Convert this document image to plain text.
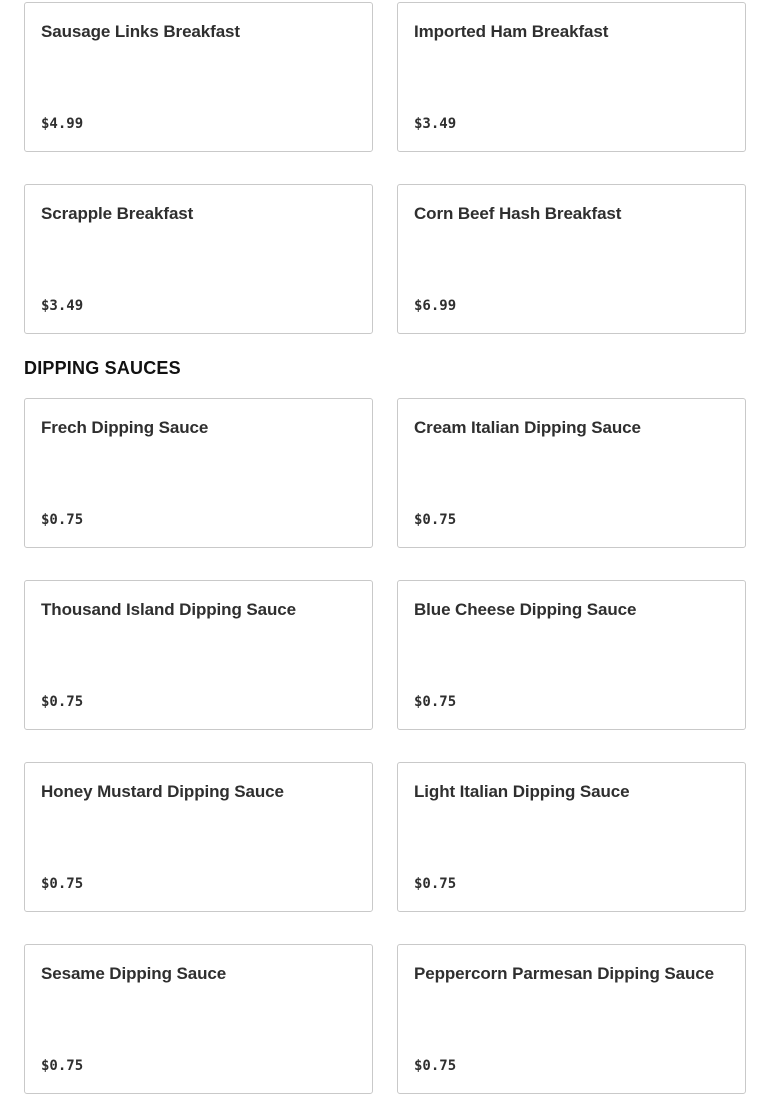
Sausage Links Breakfast
$4.99
Imported Ham Breakfast
$3.49
Scrapple Breakfast
$3.49
Corn Beef Hash Breakfast
$6.99
DIPPING SAUCES
Frech Dipping Sauce
$0.75
Cream Italian Dipping Sauce
$0.75
Thousand Island Dipping Sauce
$0.75
Blue Cheese Dipping Sauce
$0.75
Honey Mustard Dipping Sauce
$0.75
Light Italian Dipping Sauce
$0.75
Sesame Dipping Sauce
$0.75
Peppercorn Parmesan Dipping Sauce
$0.75
